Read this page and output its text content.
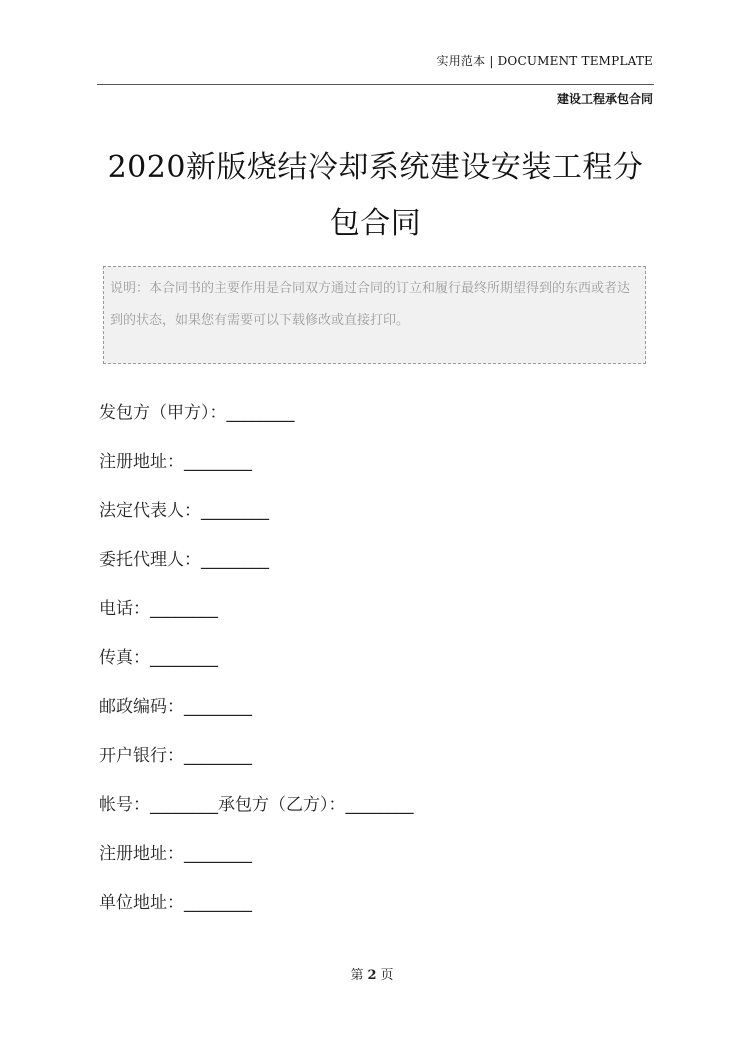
实用范本 | DOCUMENT TEMPLATE
建设工程承包合同
2020新版烧结冷却系统建设安装工程分包合同
说明：本合同书的主要作用是合同双方通过合同的订立和履行最终所期望得到的东西或者达到的状态，如果您有需要可以下载修改或直接打印。
发包方（甲方）：________
注册地址：________
法定代表人：________
委托代理人：________
电话：________
传真：________
邮政编码：________
开户银行：________
帐号：________承包方（乙方）：________
注册地址：________
单位地址：________
第 2 页
